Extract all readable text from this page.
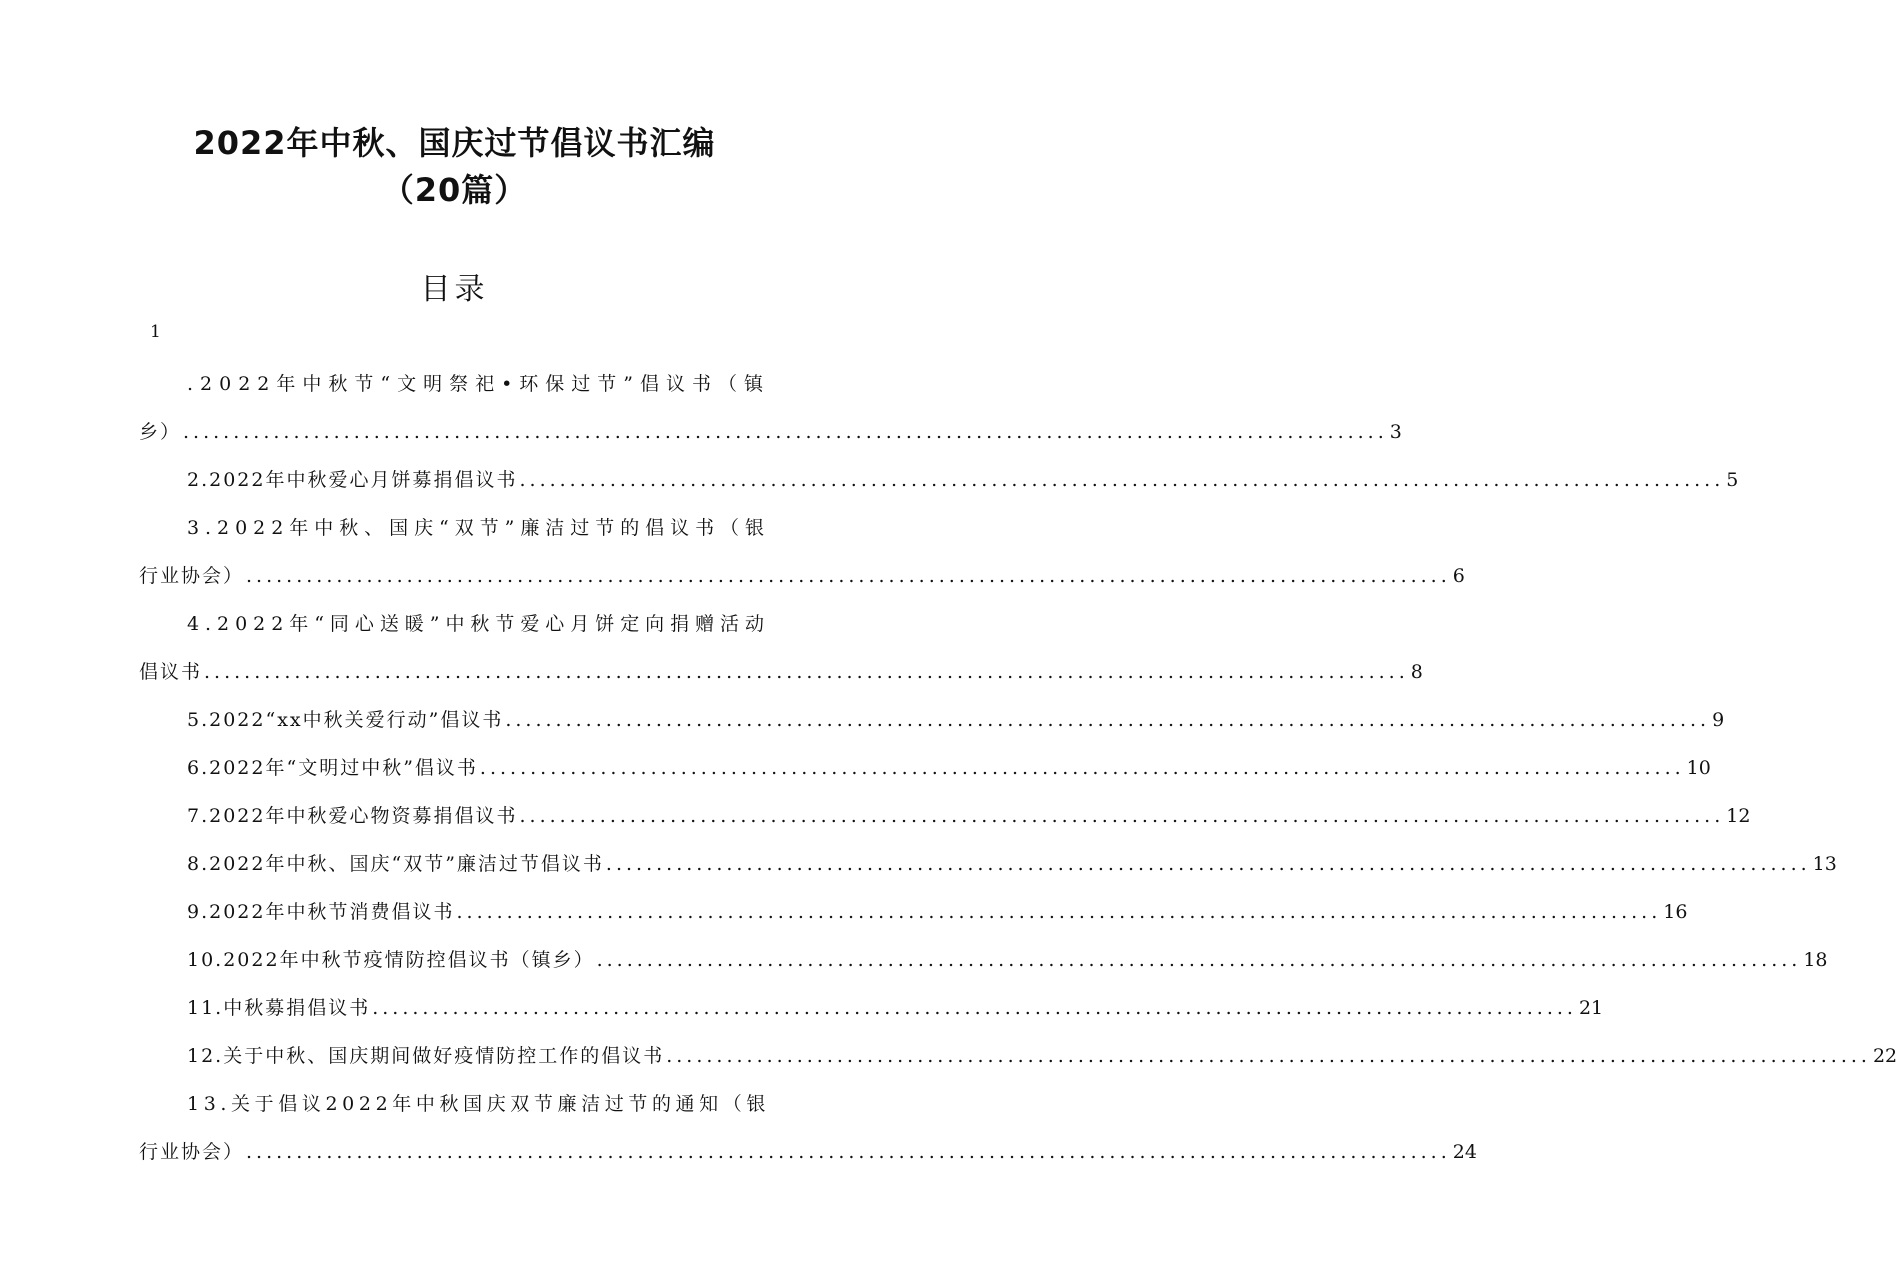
2022年中秋、国庆过节倡议书汇编
（20篇）
目录
1
.2022年中秋节“文明祭祀•环保过节”倡议书（镇
乡） ........................................................................................................................ 3
2.2022年中秋爱心月饼募捐倡议书 ........................................................................................................................ 5
3.2022年中秋、国庆“双节”廉洁过节的倡议书（银
行业协会） ........................................................................................................................ 6
4.2022年“同心送暖”中秋节爱心月饼定向捐赠活动
倡议书 ........................................................................................................................ 8
5.2022“xx中秋关爱行动”倡议书 ........................................................................................................................ 9
6.2022年“文明过中秋”倡议书 ........................................................................................................................ 10
7.2022年中秋爱心物资募捐倡议书 ........................................................................................................................ 12
8.2022年中秋、国庆“双节”廉洁过节倡议书 ........................................................................................................................ 13
9.2022年中秋节消费倡议书 ........................................................................................................................ 16
10.2022年中秋节疫情防控倡议书（镇乡） ........................................................................................................................ 18
11.中秋募捐倡议书 ........................................................................................................................ 21
12.关于中秋、国庆期间做好疫情防控工作的倡议书 ........................................................................................................................ 22
13.关于倡议2022年中秋国庆双节廉洁过节的通知（银
行业协会） ........................................................................................................................ 24
